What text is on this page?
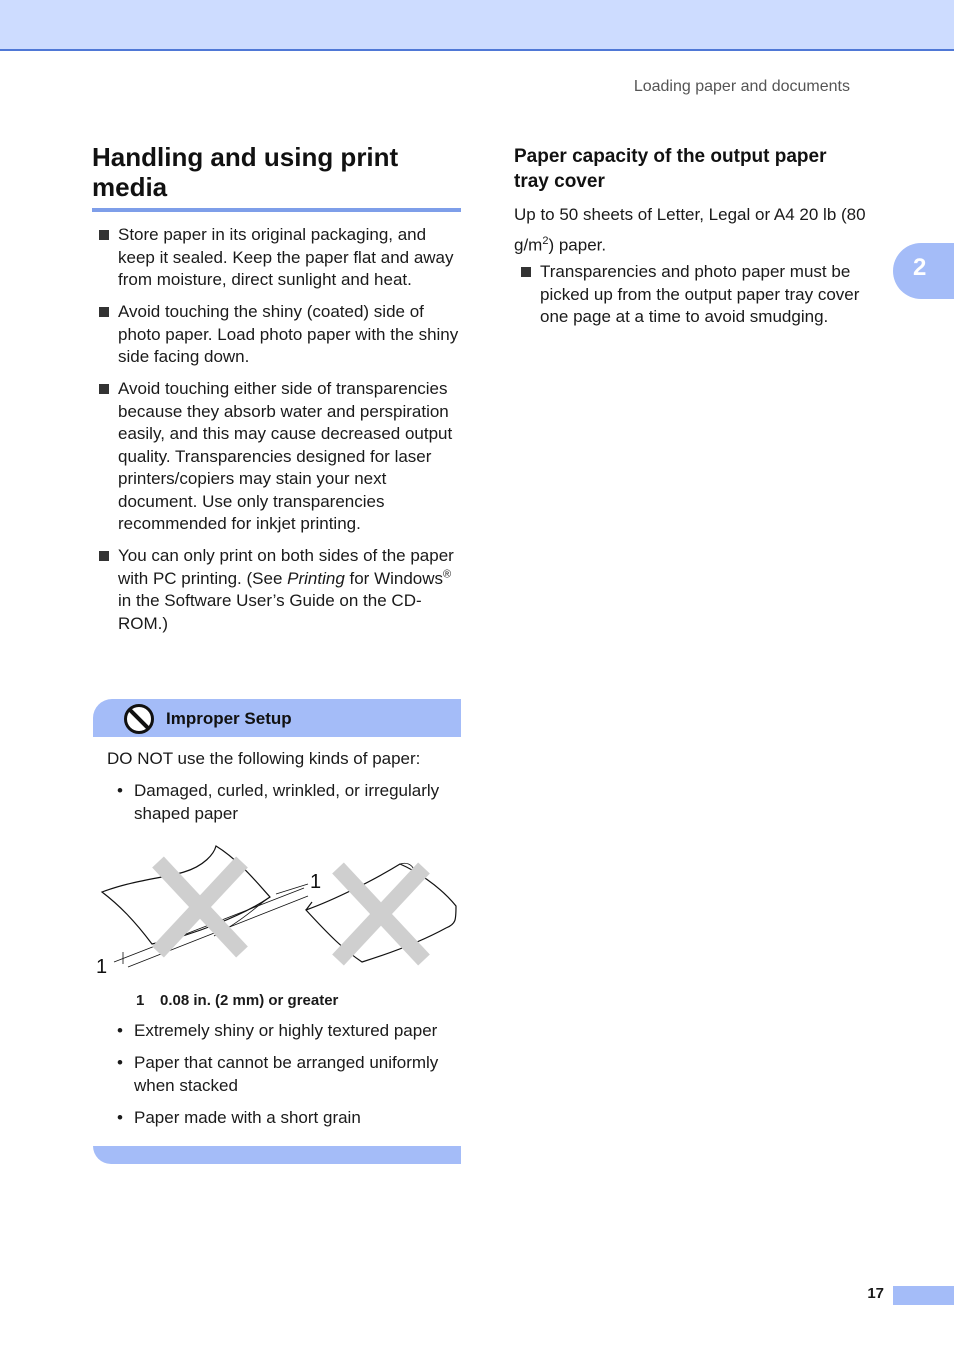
Loading paper and documents
2
Handling and using print media
Store paper in its original packaging, and keep it sealed. Keep the paper flat and away from moisture, direct sunlight and heat.
Avoid touching the shiny (coated) side of photo paper. Load photo paper with the shiny side facing down.
Avoid touching either side of transparencies because they absorb water and perspiration easily, and this may cause decreased output quality. Transparencies designed for laser printers/copiers may stain your next document. Use only transparencies recommended for inkjet printing.
You can only print on both sides of the paper with PC printing. (See Printing for Windows® in the Software User’s Guide on the CD-ROM.)
Improper Setup
DO NOT use the following kinds of paper:
• Damaged, curled, wrinkled, or irregularly shaped paper
1
1
1 0.08 in. (2 mm) or greater
• Extremely shiny or highly textured paper
• Paper that cannot be arranged uniformly when stacked
• Paper made with a short grain
Paper capacity of the output paper tray cover
Up to 50 sheets of Letter, Legal or A4 20 lb (80 $g/m^2$) paper.
Transparencies and photo paper must be picked up from the output paper tray cover one page at a time to avoid smudging.
17
